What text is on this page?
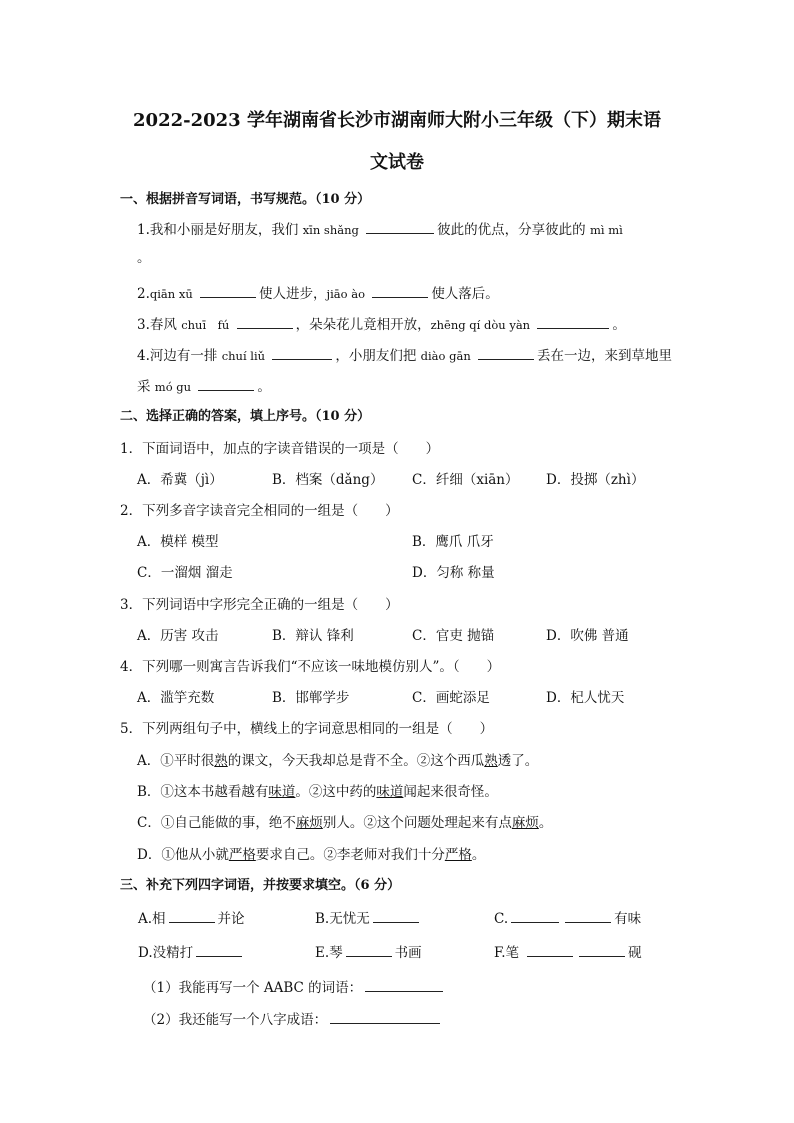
2022-2023 学年湖南省长沙市湖南师大附小三年级（下）期末语
文试卷
一、根据拼音写词语，书写规范。（10 分）
1.我和小丽是好朋友，我们 xīn shǎng	彼此的优点，分享彼此的 mì mì
。
2.qiān xū	使人进步，jiāo ào	使人落后。
3.春风 chuī　fú	，朵朵花儿竟相开放，zhēng qí dòu yàn	。
4.河边有一排 chuí liǔ	，小朋友们把 diào gān	丢在一边，来到草地里
采 mó gu	。
二、选择正确的答案，填上序号。（10 分）
1．下面词语中，加点的字读音错误的一项是（　　）
A．希冀（jì）	B．档案（dǎng） C．纤细（xiān） D．投掷（zhì）
2．下列多音字读音完全相同的一组是（　　）
A．模样 模型	B．鹰爪 爪牙
C．一溜烟 溜走	D．匀称 称量
3．下列词语中字形完全正确的一组是（　　）
A．历害 攻击	B．辩认 锋利	C．官吏 抛锚	D．吹佛 普通
4．下列哪一则寓言告诉我们“不应该一味地模仿别人”。（　　）
A．滥竽充数	B．邯郸学步	C．画蛇添足	D．杞人忧天
5．下列两组句子中，横线上的字词意思相同的一组是（　　）
A．①平时很熟的课文，今天我却总是背不全。②这个西瓜熟透了。
B．①这本书越看越有味道。②这中药的味道闻起来很奇怪。
C．①自己能做的事，绝不麻烦别人。②这个问题处理起来有点麻烦。
D．①他从小就严格要求自己。②李老师对我们十分严格。
三、补充下列四字词语，并按要求填空。（6 分）
A.相	并论	B.无忧无	C.	有味
D.没精打	E.琴	书画	F.笔	砚
（1）我能再写一个 AABC 的词语：
（2）我还能写一个八字成语：
